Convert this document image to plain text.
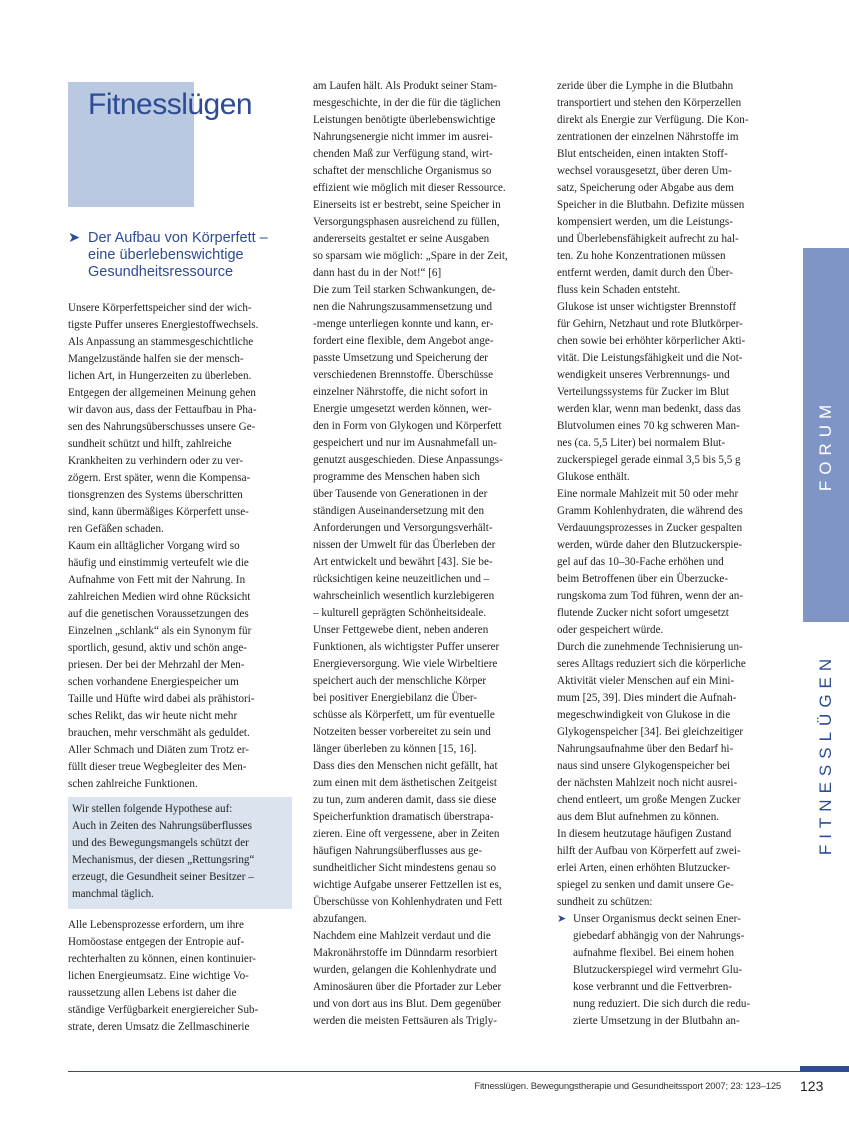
Fitnesslügen
➤ Der Aufbau von Körperfett –
eine überlebenswichtige
Gesundheitsressource

Unsere Körperfettspeicher sind der wich-
tigste Puffer unseres Energiestoffwechsels.
Als Anpassung an stammesgeschichtliche
Mangelzustände halfen sie der mensch-
lichen Art, in Hungerzeiten zu überleben.
Entgegen der allgemeinen Meinung gehen
wir davon aus, dass der Fettaufbau in Pha-
sen des Nahrungsüberschusses unsere Ge-
sundheit schützt und hilft, zahlreiche
Krankheiten zu verhindern oder zu ver-
zögern. Erst später, wenn die Kompensa-
tionsgrenzen des Systems überschritten
sind, kann übermäßiges Körperfett unse-
ren Gefäßen schaden.

Kaum ein alltäglicher Vorgang wird so
häufig und einstimmig verteufelt wie die
Aufnahme von Fett mit der Nahrung. In
zahlreichen Medien wird ohne Rücksicht
auf die genetischen Voraussetzungen des
Einzelnen „schlank“ als ein Synonym für
sportlich, gesund, aktiv und schön ange-
priesen. Der bei der Mehrzahl der Men-
schen vorhandene Energiespeicher um
Taille und Hüfte wird dabei als prähistori-
sches Relikt, das wir heute nicht mehr
brauchen, mehr verschmäht als geduldet.
Aller Schmach und Diäten zum Trotz er-
füllt dieser treue Wegbegleiter des Men-
schen zahlreiche Funktionen.

Wir stellen folgende Hypothese auf:
Auch in Zeiten des Nahrungsüberflusses
und des Bewegungsmangels schützt der
Mechanismus, der diesen „Rettungsring“
erzeugt, die Gesundheit seiner Besitzer –
manchmal täglich.

Alle Lebensprozesse erfordern, um ihre
Homöostase entgegen der Entropie auf-
rechterhalten zu können, einen kontinuier-
lichen Energieumsatz. Eine wichtige Vo-
raussetzung allen Lebens ist daher die
ständige Verfügbarkeit energiereicher Sub-
strate, deren Umsatz die Zellmaschinerie

am Laufen hält. Als Produkt seiner Stam-
mesgeschichte, in der die für die täglichen
Leistungen benötigte überlebenswichtige
Nahrungsenergie nicht immer im ausrei-
chenden Maß zur Verfügung stand, wirt-
schaftet der menschliche Organismus so
effizient wie möglich mit dieser Ressource.
Einerseits ist er bestrebt, seine Speicher in
Versorgungsphasen ausreichend zu füllen,
andererseits gestaltet er seine Ausgaben
so sparsam wie möglich: „Spare in der Zeit,
dann hast du in der Not!“ [6]

Die zum Teil starken Schwankungen, de-
nen die Nahrungszusammensetzung und
-menge unterliegen konnte und kann, er-
fordert eine flexible, dem Angebot ange-
passte Umsetzung und Speicherung der
verschiedenen Brennstoffe. Überschüsse
einzelner Nährstoffe, die nicht sofort in
Energie umgesetzt werden können, wer-
den in Form von Glykogen und Körperfett
gespeichert und nur im Ausnahmefall un-
genutzt ausgeschieden. Diese Anpassungs-
programme des Menschen haben sich
über Tausende von Generationen in der
ständigen Auseinandersetzung mit den
Anforderungen und Versorgungsverhält-
nissen der Umwelt für das Überleben der
Art entwickelt und bewährt [43]. Sie be-
rücksichtigen keine neuzeitlichen und –
wahrscheinlich wesentlich kurzlebigeren
– kulturell geprägten Schönheitsideale.

Unser Fettgewebe dient, neben anderen
Funktionen, als wichtigster Puffer unserer
Energieversorgung. Wie viele Wirbeltiere
speichert auch der menschliche Körper
bei positiver Energiebilanz die Über-
schüsse als Körperfett, um für eventuelle
Notzeiten besser vorbereitet zu sein und
länger überleben zu können [15, 16].

Dass dies den Menschen nicht gefällt, hat
zum einen mit dem ästhetischen Zeitgeist
zu tun, zum anderen damit, dass sie diese
Speicherfunktion dramatisch überstrapa-
zieren. Eine oft vergessene, aber in Zeiten
häufigen Nahrungsüberflusses aus ge-
sundheitlicher Sicht mindestens genau so
wichtige Aufgabe unserer Fettzellen ist es,
Überschüsse von Kohlenhydraten und Fett
abzufangen.

Nachdem eine Mahlzeit verdaut und die
Makronährstoffe im Dünndarm resorbiert
wurden, gelangen die Kohlenhydrate und
Aminosäuren über die Pfortader zur Leber
und von dort aus ins Blut. Dem gegenüber
werden die meisten Fettsäuren als Trigly-

zeride über die Lymphe in die Blutbahn
transportiert und stehen den Körperzellen
direkt als Energie zur Verfügung. Die Kon-
zentrationen der einzelnen Nährstoffe im
Blut entscheiden, einen intakten Stoff-
wechsel vorausgesetzt, über deren Um-
satz, Speicherung oder Abgabe aus dem
Speicher in die Blutbahn. Defizite müssen
kompensiert werden, um die Leistungs-
und Überlebensfähigkeit aufrecht zu hal-
ten. Zu hohe Konzentrationen müssen
entfernt werden, damit durch den Über-
fluss kein Schaden entsteht.

Glukose ist unser wichtigster Brennstoff
für Gehirn, Netzhaut und rote Blutkörper-
chen sowie bei erhöhter körperlicher Akti-
vität. Die Leistungsfähigkeit und die Not-
wendigkeit unseres Verbrennungs- und
Verteilungssystems für Zucker im Blut
werden klar, wenn man bedenkt, dass das
Blutvolumen eines 70 kg schweren Man-
nes (ca. 5,5 Liter) bei normalem Blut-
zuckerspiegel gerade einmal 3,5 bis 5,5 g
Glukose enthält.

Eine normale Mahlzeit mit 50 oder mehr
Gramm Kohlenhydraten, die während des
Verdauungsprozesses in Zucker gespalten
werden, würde daher den Blutzuckerspie-
gel auf das 10–30-Fache erhöhen und
beim Betroffenen über ein Überzucke-
rungskoma zum Tod führen, wenn der an-
flutende Zucker nicht sofort umgesetzt
oder gespeichert würde.

Durch die zunehmende Technisierung un-
seres Alltags reduziert sich die körperliche
Aktivität vieler Menschen auf ein Mini-
mum [25, 39]. Dies mindert die Aufnah-
megeschwindigkeit von Glukose in die
Glykogenspeicher [34]. Bei gleichzeitiger
Nahrungsaufnahme über den Bedarf hi-
naus sind unsere Glykogenspeicher bei
der nächsten Mahlzeit noch nicht ausrei-
chend entleert, um große Mengen Zucker
aus dem Blut aufnehmen zu können.

In diesem heutzutage häufigen Zustand
hilft der Aufbau von Körperfett auf zwei-
erlei Arten, einen erhöhten Blutzucker-
spiegel zu senken und damit unsere Ge-
sundheit zu schützen:

➤ Unser Organismus deckt seinen Ener-
giebedarf abhängig von der Nahrungs-
aufnahme flexibel. Bei einem hohen
Blutzuckerspiegel wird vermehrt Glu-
kose verbrannt und die Fettverbren-
nung reduziert. Die sich durch die redu-
zierte Umsetzung in der Blutbahn an-
FORUM
FITNESSLÜGEN
Fitnesslügen. Bewegungstherapie und Gesundheitssport 2007; 23: 123–125 123
